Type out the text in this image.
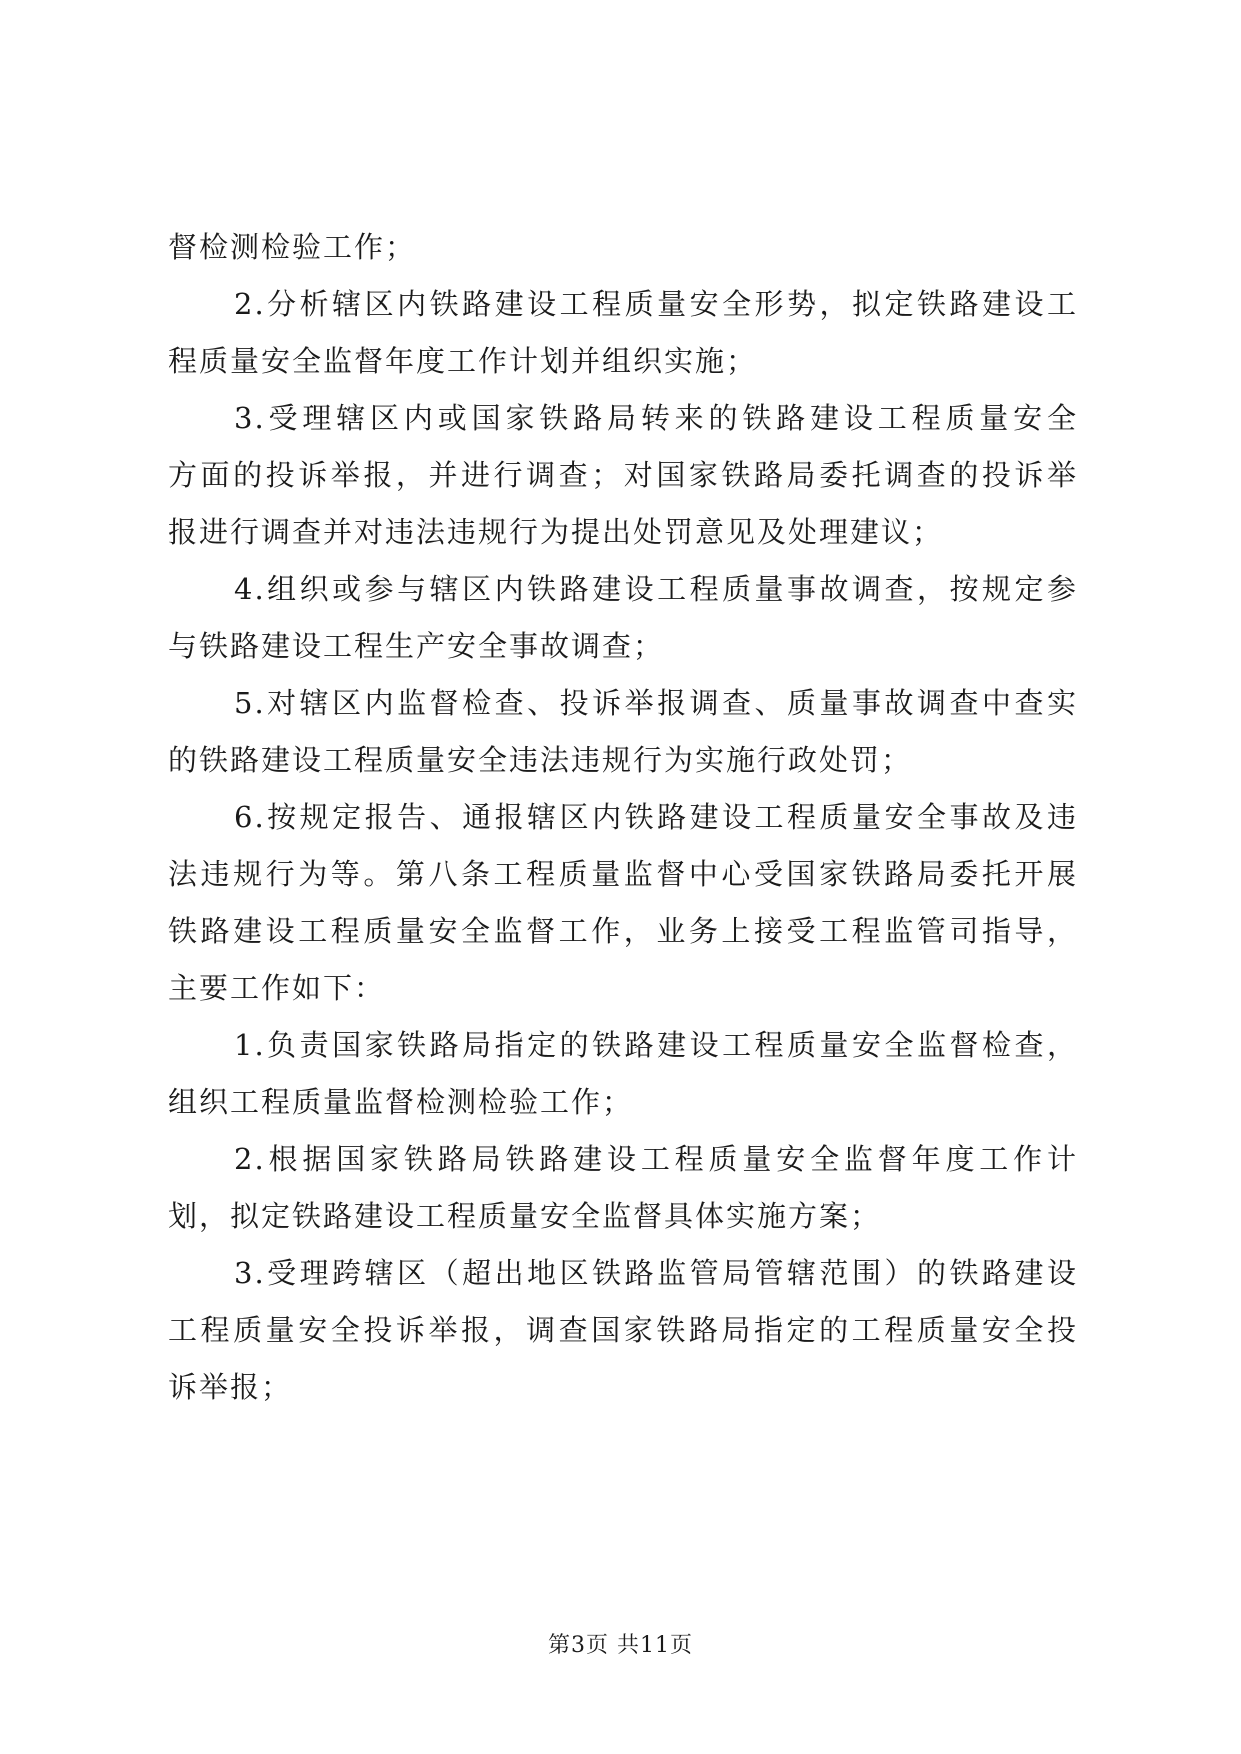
督检测检验工作；
2.分析辖区内铁路建设工程质量安全形势，拟定铁路建设工
程质量安全监督年度工作计划并组织实施；
3.受理辖区内或国家铁路局转来的铁路建设工程质量安全
方面的投诉举报，并进行调查；对国家铁路局委托调查的投诉举
报进行调查并对违法违规行为提出处罚意见及处理建议；
4.组织或参与辖区内铁路建设工程质量事故调查，按规定参
与铁路建设工程生产安全事故调查；
5.对辖区内监督检查、投诉举报调查、质量事故调查中查实
的铁路建设工程质量安全违法违规行为实施行政处罚；
6.按规定报告、通报辖区内铁路建设工程质量安全事故及违
法违规行为等。第八条工程质量监督中心受国家铁路局委托开展
铁路建设工程质量安全监督工作，业务上接受工程监管司指导，
主要工作如下：
1.负责国家铁路局指定的铁路建设工程质量安全监督检查，
组织工程质量监督检测检验工作；
2.根据国家铁路局铁路建设工程质量安全监督年度工作计
划，拟定铁路建设工程质量安全监督具体实施方案；
3.受理跨辖区（超出地区铁路监管局管辖范围）的铁路建设
工程质量安全投诉举报，调查国家铁路局指定的工程质量安全投
诉举报；
第3页 共11页
